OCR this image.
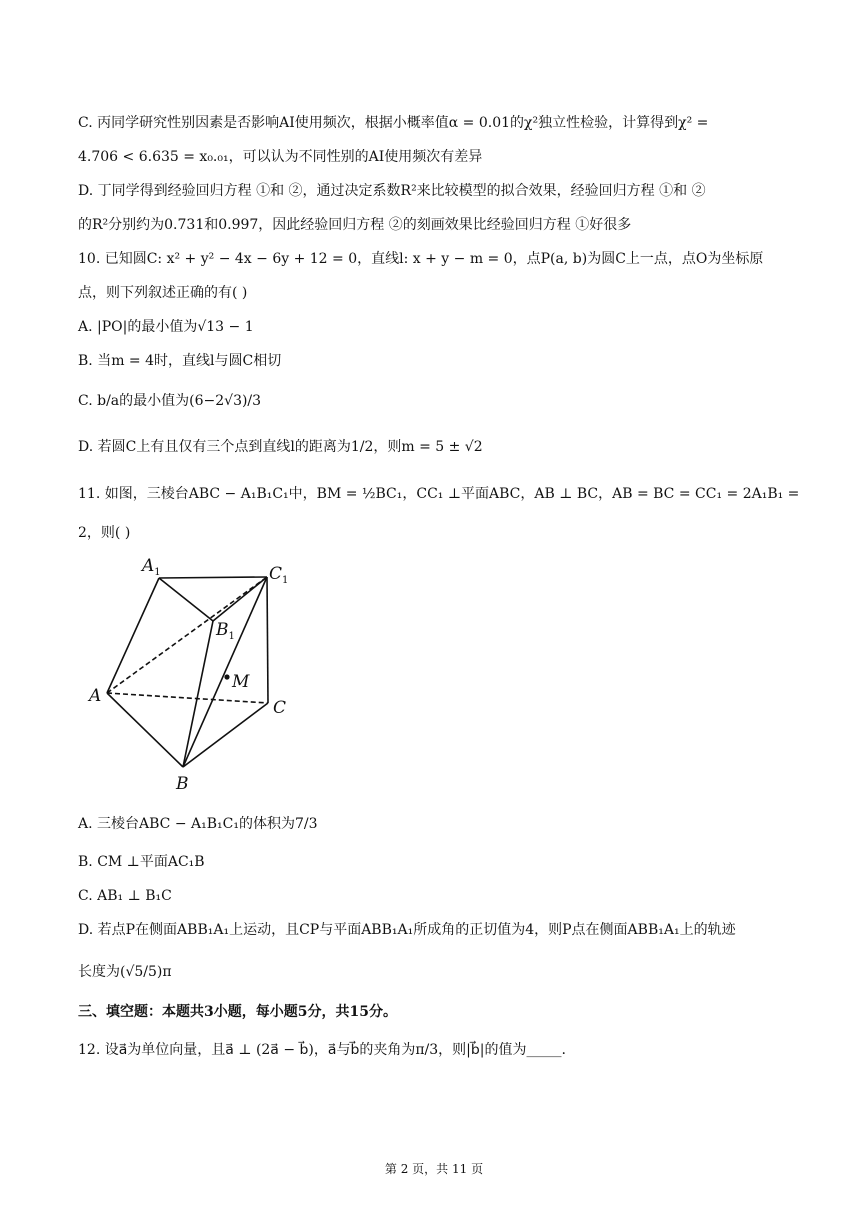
C. 丙同学研究性别因素是否影响AI使用频次，根据小概率值α = 0.01的χ²独立性检验，计算得到χ² =
4.706 < 6.635 = x₀.₀₁，可以认为不同性别的AI使用频次有差异
D. 丁同学得到经验回归方程 ①和 ②，通过决定系数R²来比较模型的拟合效果，经验回归方程 ①和 ②
的R²分别约为0.731和0.997，因此经验回归方程 ②的刻画效果比经验回归方程 ①好很多
10. 已知圆C: x² + y² − 4x − 6y + 12 = 0，直线l: x + y − m = 0，点P(a, b)为圆C上一点，点O为坐标原
点，则下列叙述正确的有( )
A. |PO|的最小值为√13 − 1
B. 当m = 4时，直线l与圆C相切
C. b/a的最小值为(6−2√3)/3
D. 若圆C上有且仅有三个点到直线l的距离为1/2，则m = 5 ± √2
11. 如图，三棱台ABC − A₁B₁C₁中，BM = ½BC₁，CC₁ ⊥平面ABC，AB ⊥ BC，AB = BC = CC₁ = 2A₁B₁ =
2，则( )
$A_1$	$C_1$
$B_1$
M
A
C
B
A. 三棱台ABC − A₁B₁C₁的体积为7/3
B. CM ⊥平面AC₁B
C. AB₁ ⊥ B₁C
D. 若点P在侧面ABB₁A₁上运动，且CP与平面ABB₁A₁所成角的正切值为4，则P点在侧面ABB₁A₁上的轨迹
长度为(√5/5)π
三、填空题：本题共3小题，每小题5分，共15分。
12. 设a⃗为单位向量，且a⃗ ⊥ (2a⃗ − b⃗)，a⃗与b⃗的夹角为π/3，则|b⃗|的值为_____.
第 2 页，共 11 页
